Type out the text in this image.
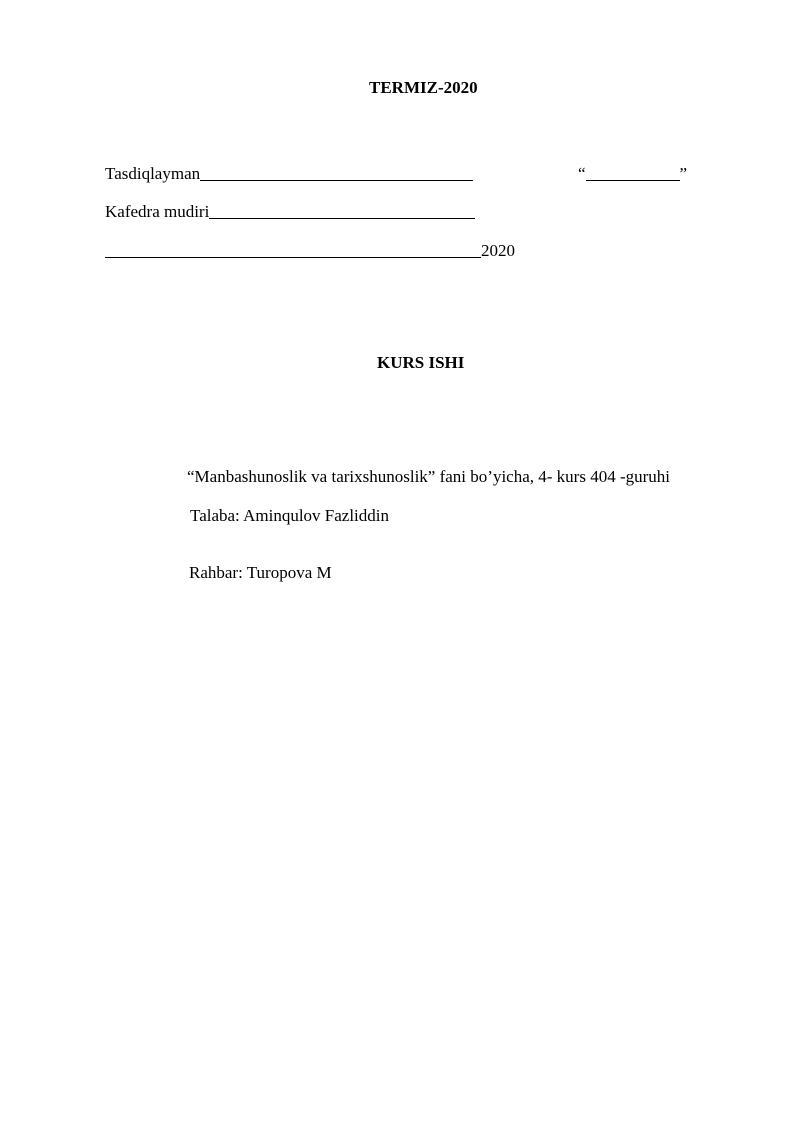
TERMIZ-2020
Tasdiqlayman	“	”
Kafedra mudiri
2020
KURS ISHI
“Manbashunoslik va tarixshunoslik” fani bo’yicha, 4- kurs 404 -guruhi
Talaba: Aminqulov Fazliddin
Rahbar: Turopova M
